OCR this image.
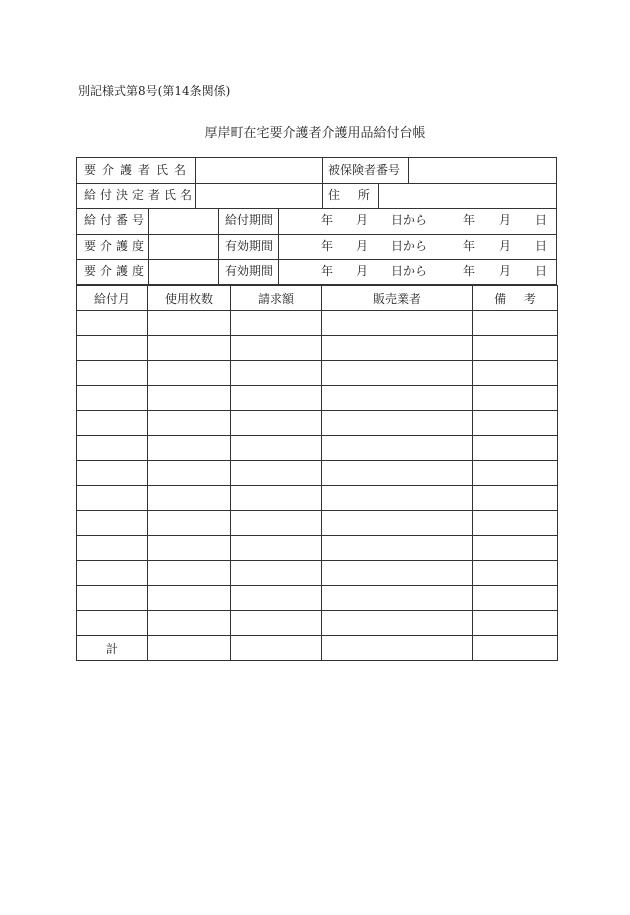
別記様式第8号(第14条関係)
厚岸町在宅要介護者介護用品給付台帳
要介護者氏名	被保険者番号
給付決定者氏名	住 所
給付番号	給付期間	年 月 日から	年 月 日
要介護度	有効期間	年 月 日から	年 月 日
要介護度	有効期間	年 月 日から	年 月 日
給付月	使用枚数	請求額	販売業者	備 考

計				
